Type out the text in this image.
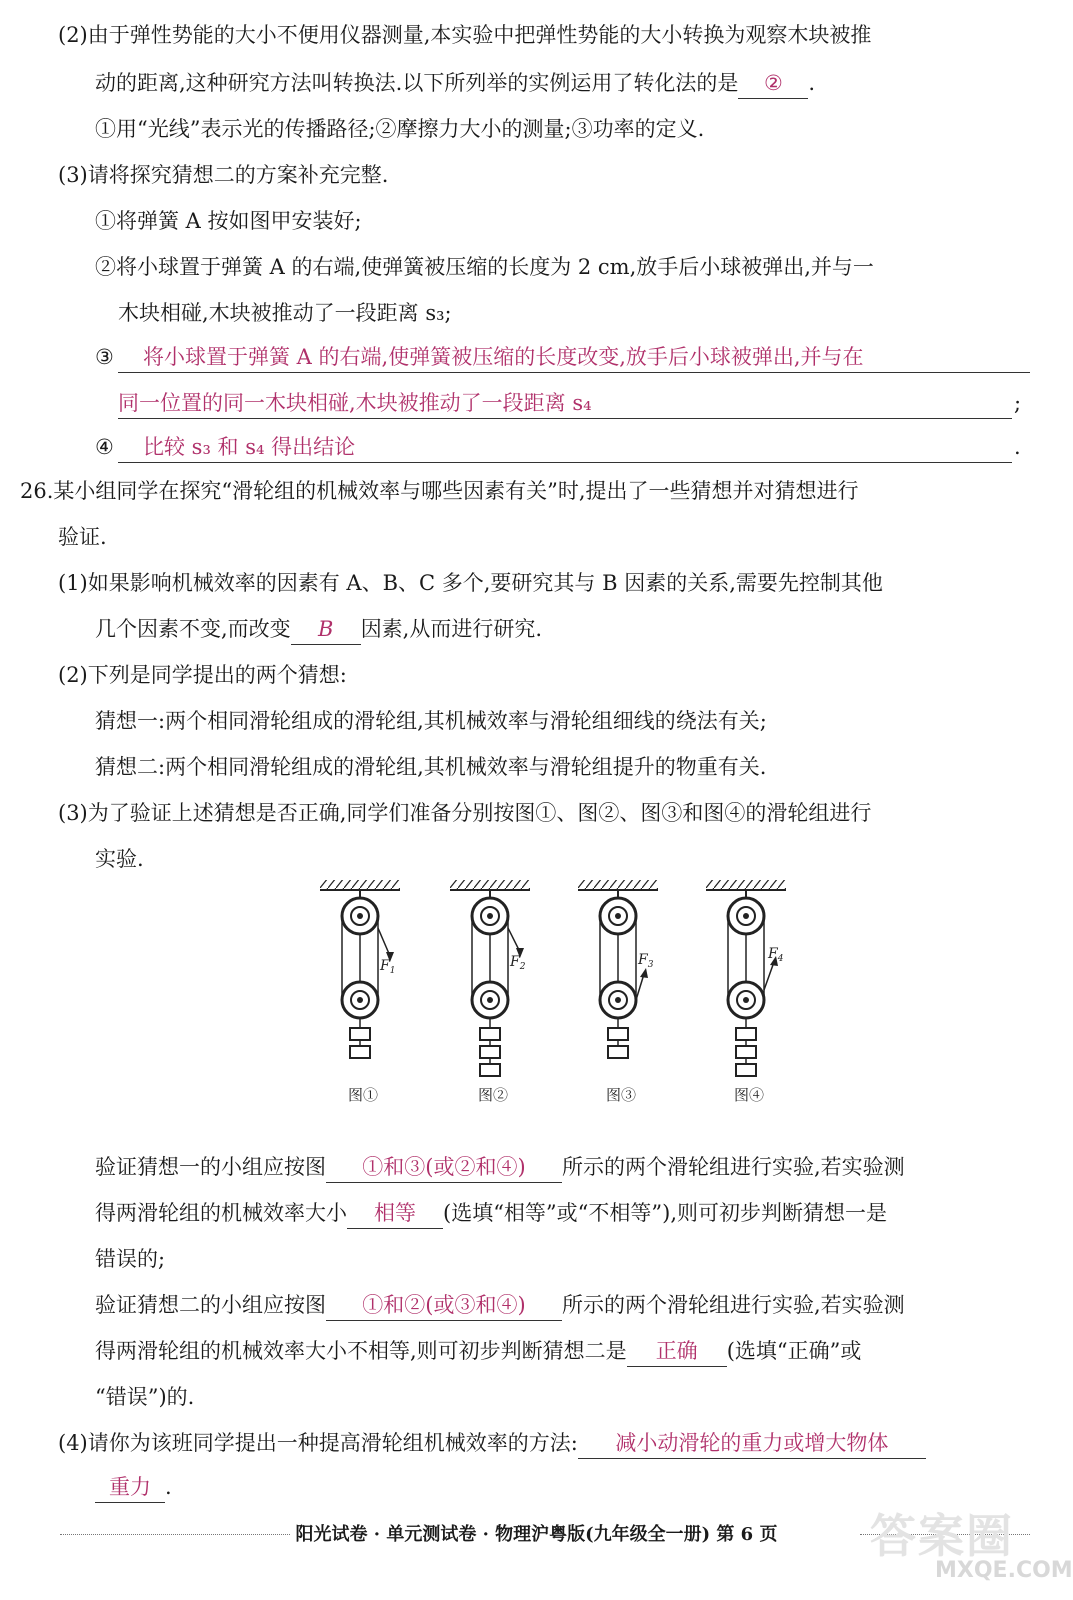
(2)由于弹性势能的大小不便用仪器测量,本实验中把弹性势能的大小转换为观察木块被推
动的距离,这种研究方法叫转换法.以下所列举的实例运用了转化法的是 ② .
①用“光线”表示光的传播路径;②摩擦力大小的测量;③功率的定义.
(3)请将探究猜想二的方案补充完整.
①将弹簧 A 按如图甲安装好;
②将小球置于弹簧 A 的右端,使弹簧被压缩的长度为 2 cm,放手后小球被弹出,并与一
木块相碰,木块被推动了一段距离 s₃;
③ 将小球置于弹簧 A 的右端,使弹簧被压缩的长度改变,放手后小球被弹出,并与在
同一位置的同一木块相碰,木块被推动了一段距离 s₄	;
④ 比较 s₃ 和 s₄ 得出结论	.
26.某小组同学在探究“滑轮组的机械效率与哪些因素有关”时,提出了一些猜想并对猜想进行
验证.
(1)如果影响机械效率的因素有 A、B、C 多个,要研究其与 B 因素的关系,需要先控制其他
几个因素不变,而改变 B 因素,从而进行研究.
(2)下列是同学提出的两个猜想:
猜想一:两个相同滑轮组成的滑轮组,其机械效率与滑轮组细线的绕法有关;
猜想二:两个相同滑轮组成的滑轮组,其机械效率与滑轮组提升的物重有关.
(3)为了验证上述猜想是否正确,同学们准备分别按图①、图②、图③和图④的滑轮组进行
实验.
$F_1$
图①
$F_2$
图②
$F_3$
图③
$F_4$
图④
验证猜想一的小组应按图 ①和③(或②和④) 所示的两个滑轮组进行实验,若实验测
得两滑轮组的机械效率大小 相等 (选填“相等”或“不相等”),则可初步判断猜想一是
错误的;
验证猜想二的小组应按图 ①和②(或③和④) 所示的两个滑轮组进行实验,若实验测
得两滑轮组的机械效率大小不相等,则可初步判断猜想二是 正确 (选填“正确”或
“错误”)的.
(4)请你为该班同学提出一种提高滑轮组机械效率的方法: 减小动滑轮的重力或增大物体
重力 .
阳光试卷 · 单元测试卷 · 物理沪粤版(九年级全一册) 第 6 页	答案圈
MXQE.COM
